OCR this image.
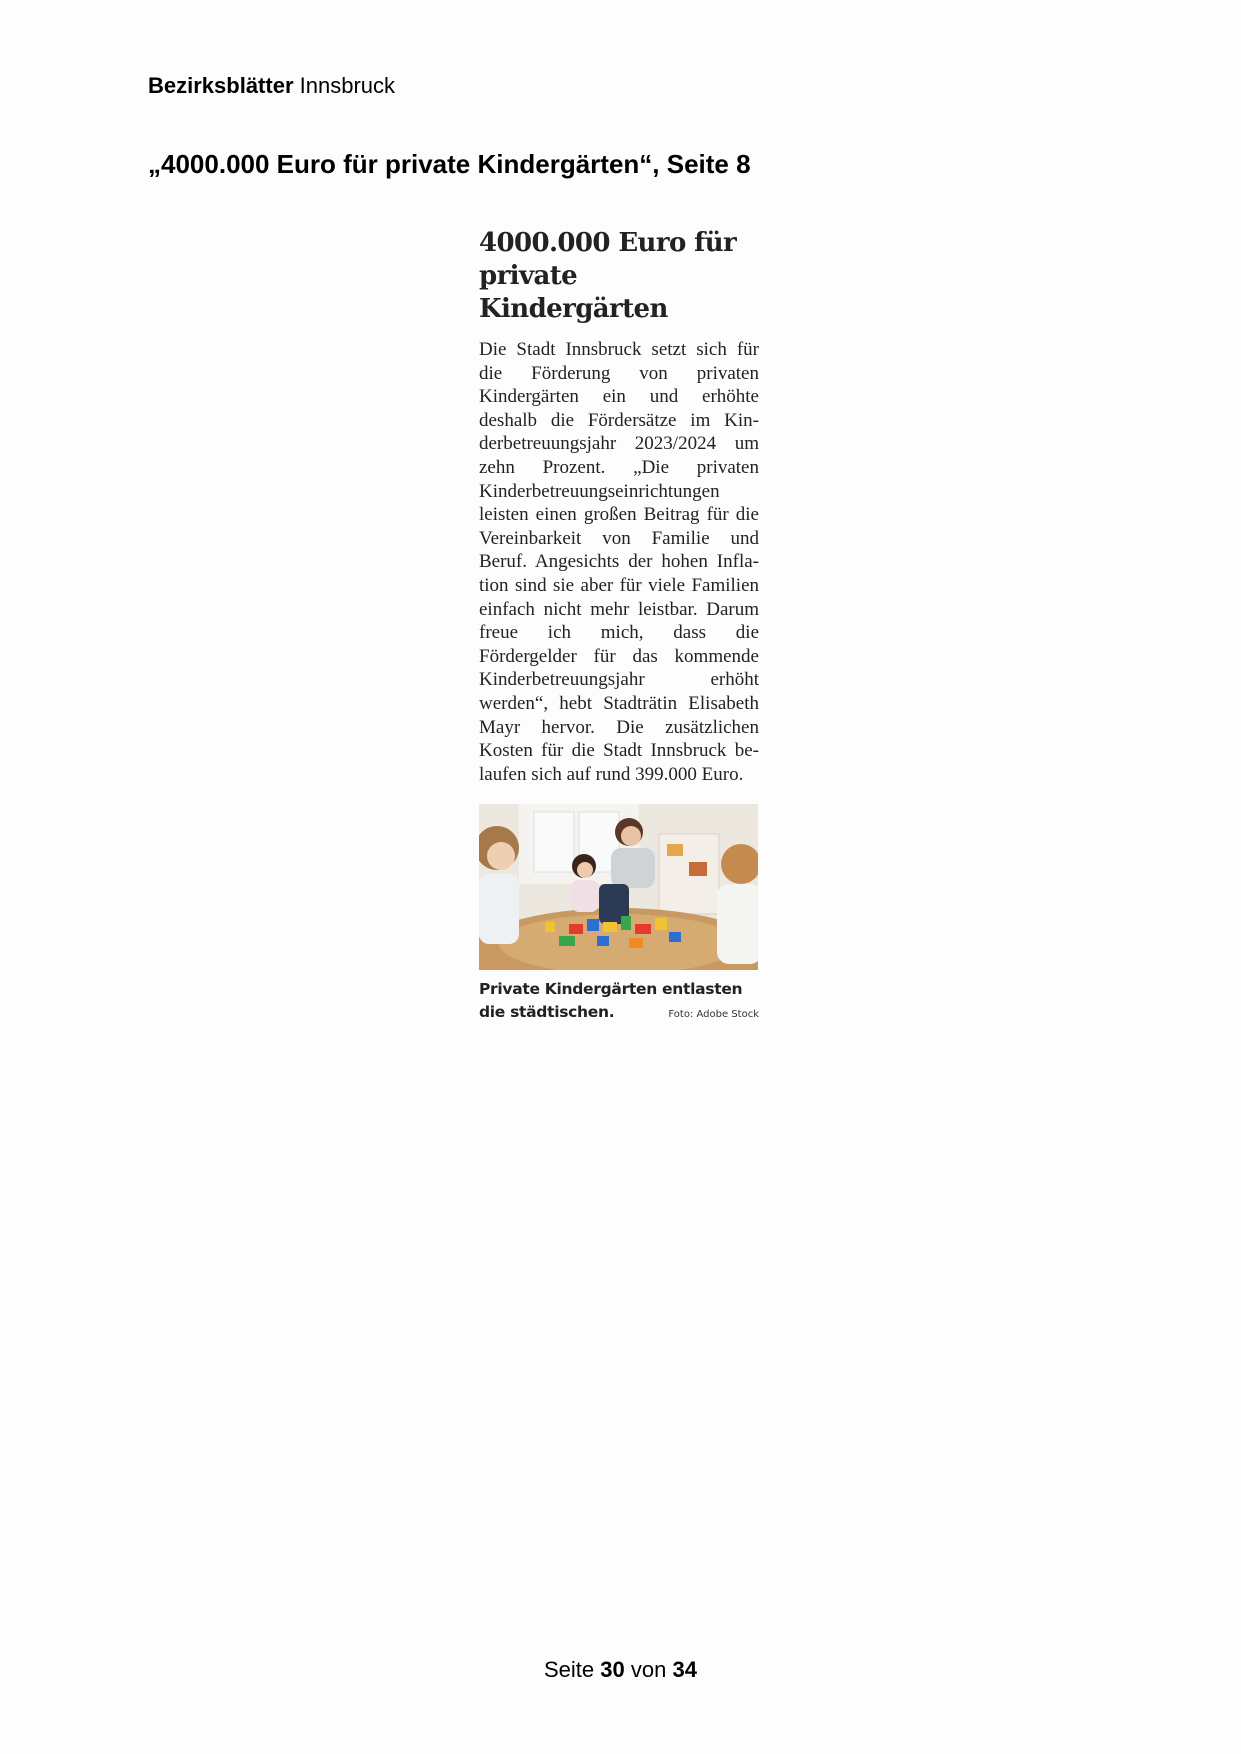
Bezirksblätter Innsbruck
„4000.000 Euro für private Kindergärten“, Seite 8
4000.000 Euro für
private Kindergärten
Die Stadt Innsbruck setzt sich für die Förderung von privaten Kindergärten ein und erhöhte deshalb die Fördersätze im Kinderbetreuungsjahr 2023/2024 um zehn Prozent. „Die privaten Kinderbetreuungseinrichtungen leisten einen großen Beitrag für die Vereinbarkeit von Familie und Beruf. Angesichts der hohen Inflation sind sie aber für viele Familien einfach nicht mehr leistbar. Darum freue ich mich, dass die Fördergelder für das kommende Kinderbetreuungsjahr erhöht werden“, hebt Stadträtin Elisabeth Mayr hervor. Die zusätzlichen Kosten für die Stadt Innsbruck belaufen sich auf rund 399.000 Euro.
Private Kindergärten entlasten die städtischen.	Foto: Adobe Stock
Seite 30 von 34
